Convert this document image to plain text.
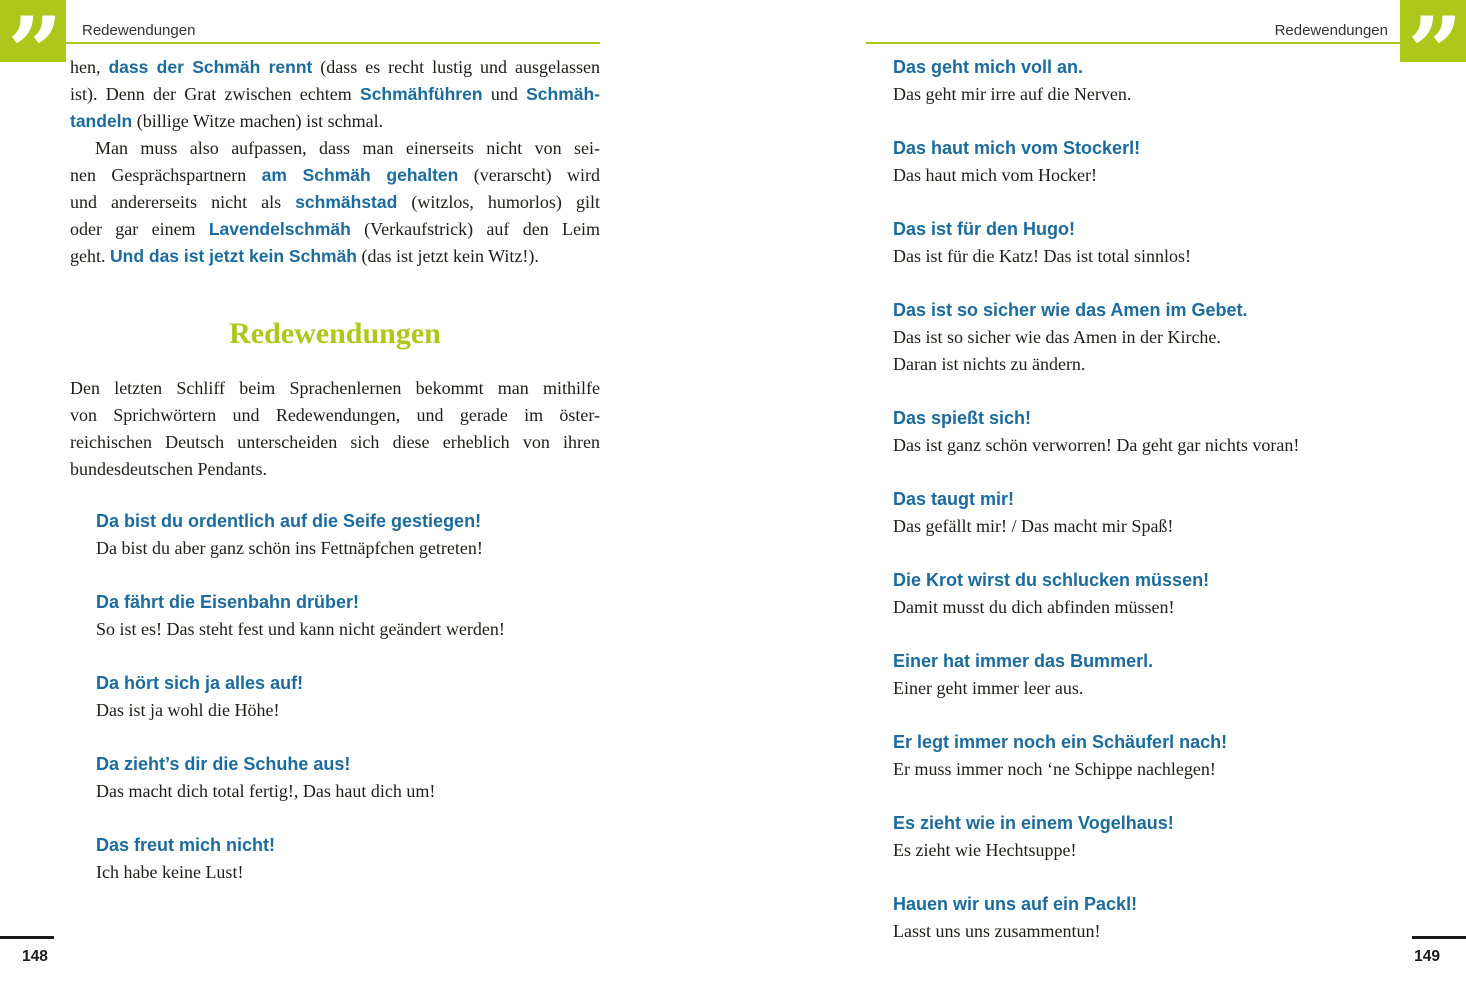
”	Redewendungen	”
Redewendungen
hen, dass der Schmäh rennt (dass es recht lustig und ausgelassen
ist). Denn der Grat zwischen echtem Schmähführen und Schmäh-
tandeln (billige Witze machen) ist schmal.
Man muss also aufpassen, dass man einerseits nicht von sei-
nen Gesprächspartnern am Schmäh gehalten (verarscht) wird
und andererseits nicht als schmähstad (witzlos, humorlos) gilt
oder gar einem Lavendelschmäh (Verkaufstrick) auf den Leim
geht. Und das ist jetzt kein Schmäh (das ist jetzt kein Witz!).
Redewendungen
Den letzten Schliff beim Sprachenlernen bekommt man mithilfe
von Sprichwörtern und Redewendungen, und gerade im öster-
reichischen Deutsch unterscheiden sich diese erheblich von ihren
bundesdeutschen Pendants.
Da bist du ordentlich auf die Seife gestiegen!
Da bist du aber ganz schön ins Fettnäpfchen getreten!
Da fährt die Eisenbahn drüber!
So ist es! Das steht fest und kann nicht geändert werden!
Da hört sich ja alles auf!
Das ist ja wohl die Höhe!
Da zieht’s dir die Schuhe aus!
Das macht dich total fertig!, Das haut dich um!
Das freut mich nicht!
Ich habe keine Lust!
Das geht mich voll an.
Das geht mir irre auf die Nerven.
Das haut mich vom Stockerl!
Das haut mich vom Hocker!
Das ist für den Hugo!
Das ist für die Katz! Das ist total sinnlos!
Das ist so sicher wie das Amen im Gebet.
Das ist so sicher wie das Amen in der Kirche.
Daran ist nichts zu ändern.
Das spießt sich!
Das ist ganz schön verworren! Da geht gar nichts voran!
Das taugt mir!
Das gefällt mir! / Das macht mir Spaß!
Die Krot wirst du schlucken müssen!
Damit musst du dich abfinden müssen!
Einer hat immer das Bummerl.
Einer geht immer leer aus.
Er legt immer noch ein Schäuferl nach!
Er muss immer noch ‘ne Schippe nachlegen!
Es zieht wie in einem Vogelhaus!
Es zieht wie Hechtsuppe!
Hauen wir uns auf ein Packl!
Lasst uns uns zusammentun!
148	149
